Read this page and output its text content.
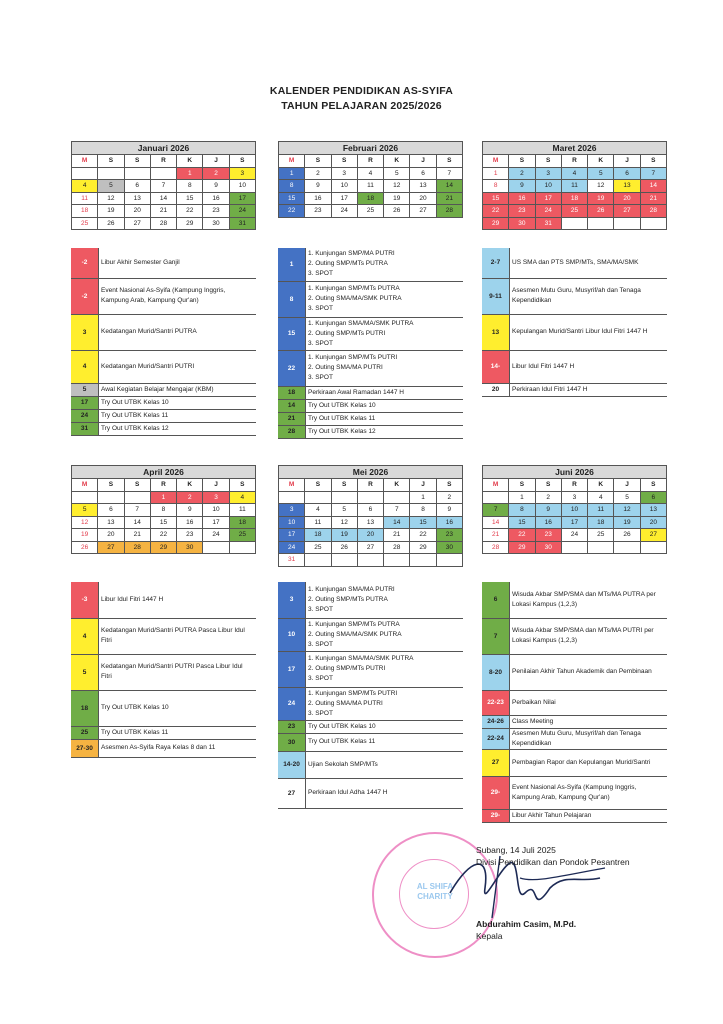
KALENDER PENDIDIKAN AS-SYIFA
TAHUN PELAJARAN 2025/2026
Januari 2026						
M	S	S	R	K	J	S
				1	2	3
4	5	6	7	8	9	10
11	12	13	14	15	16	17
18	19	20	21	22	23	24
25	26	27	28	29	30	31
Februari 2026						
M	S	S	R	K	J	S
1	2	3	4	5	6	7
8	9	10	11	12	13	14
15	16	17	18	19	20	21
22	23	24	25	26	27	28
Maret 2026						
M	S	S	R	K	J	S
1	2	3	4	5	6	7
8	9	10	11	12	13	14
15	16	17	18	19	20	21
22	23	24	25	26	27	28
29	30	31				
April 2026						
M	S	S	R	K	J	S
			1	2	3	4
5	6	7	8	9	10	11
12	13	14	15	16	17	18
19	20	21	22	23	24	25
26	27	28	29	30		
Mei 2026						
M	S	S	R	K	J	S
					1	2
3	4	5	6	7	8	9
10	11	12	13	14	15	16
17	18	19	20	21	22	23
24	25	26	27	28	29	30
31						
Juni 2026						
M	S	S	R	K	J	S
	1	2	3	4	5	6
7	8	9	10	11	12	13
14	15	16	17	18	19	20
21	22	23	24	25	26	27
28	29	30				
-2	Libur Akhir Semester Ganjil
-2	Event Nasional As-Syifa (Kampung Inggris, Kampung Arab, Kampung Qur'an)
3	Kedatangan Murid/Santri PUTRA
4	Kedatangan Murid/Santri PUTRI
5	Awal Kegiatan Belajar Mengajar (KBM)
17	Try Out UTBK Kelas 10
24	Try Out UTBK Kelas 11
31	Try Out UTBK Kelas 12
1	1. Kunjungan SMP/MA PUTRI
2. Outing SMP/MTs PUTRA
3. SPOT
8	1. Kunjungan SMP/MTs PUTRA
2. Outing SMA/MA/SMK PUTRA
3. SPOT
15	1. Kunjungan SMA/MA/SMK PUTRA
2. Outing SMP/MTs PUTRI
3. SPOT
22	1. Kunjungan SMP/MTs PUTRI
2. Outing SMA/MA PUTRI
3. SPOT
18	Perkiraan Awal Ramadan 1447 H
14	Try Out UTBK Kelas 10
21	Try Out UTBK Kelas 11
28	Try Out UTBK Kelas 12
2-7	US SMA dan PTS SMP/MTs, SMA/MA/SMK
9-11	Asesmen Mutu Guru, Musyrif/ah dan Tenaga Kependidikan
13	Kepulangan Murid/Santri Libur Idul Fitri 1447 H
14-	Libur Idul Fitri 1447 H
20	Perkiraan Idul Fitri 1447 H
-3	Libur Idul Fitri 1447 H
4	Kedatangan Murid/Santri PUTRA Pasca Libur Idul Fitri
5	Kedatangan Murid/Santri PUTRI Pasca Libur Idul Fitri
18	Try Out UTBK Kelas 10
25	Try Out UTBK Kelas 11
27-30	Asesmen As-Syifa Raya Kelas 8 dan 11
3	1. Kunjungan SMA/MA PUTRI
2. Outing SMP/MTs PUTRA
3. SPOT
10	1. Kunjungan SMP/MTs PUTRA
2. Outing SMA/MA/SMK PUTRA
3. SPOT
17	1. Kunjungan SMA/MA/SMK PUTRA
2. Outing SMP/MTs PUTRI
3. SPOT
24	1. Kunjungan SMP/MTs PUTRI
2. Outing SMA/MA PUTRI
3. SPOT
23	Try Out UTBK Kelas 10
30	Try Out UTBK Kelas 11
14-20	Ujian Sekolah SMP/MTs
27	Perkiraan Idul Adha 1447 H
6	Wisuda Akbar SMP/SMA dan MTs/MA PUTRA per Lokasi Kampus (1,2,3)
7	Wisuda Akbar SMP/SMA dan MTs/MA PUTRI per Lokasi Kampus (1,2,3)
8-20	Penilaian Akhir Tahun Akademik dan Pembinaan
22-23	Perbaikan Nilai
24-26	Class Meeting
22-24	Asesmen Mutu Guru, Musyrif/ah dan Tenaga Kependidikan
27	Pembagian Rapor dan Kepulangan Murid/Santri
29-	Event Nasional As-Syifa (Kampung Inggris, Kampung Arab, Kampung Qur'an)
29-	Libur Akhir Tahun Pelajaran
AL SHIFA
CHARITY
Subang, 14 Juli 2025
Divisi Pendidikan dan Pondok Pesantren
Abdurahim Casim, M.Pd.
Kepala
